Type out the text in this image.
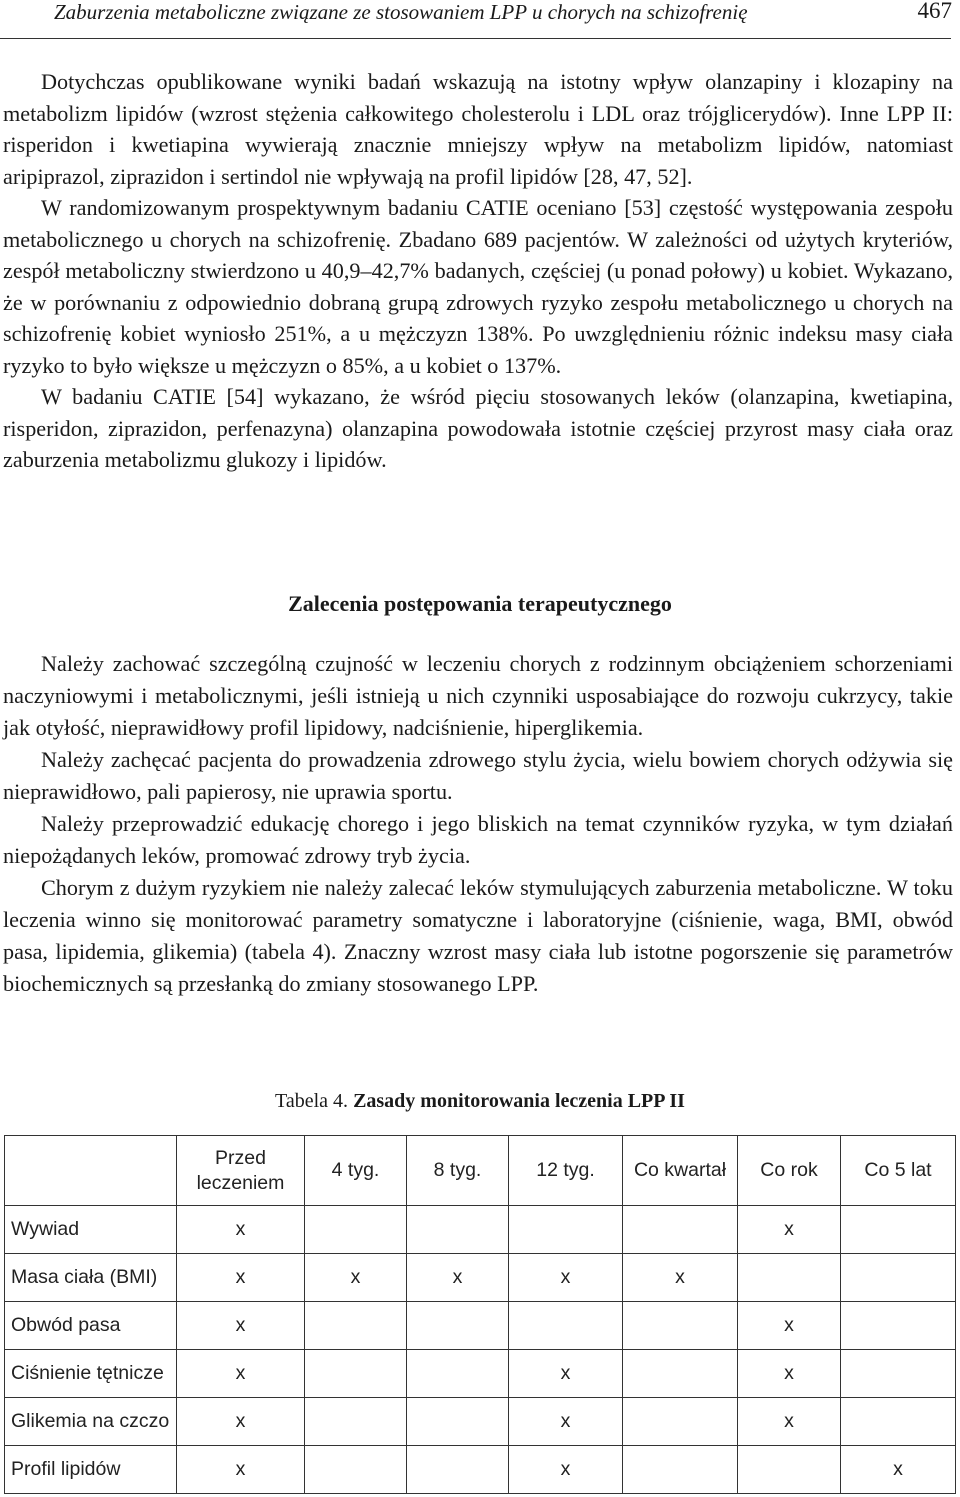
Zaburzenia metaboliczne związane ze stosowaniem LPP u chorych na schizofrenię	467

Dotychczas opublikowane wyniki badań wskazują na istotny wpływ olanzapiny i klozapiny na metabolizm lipidów (wzrost stężenia całkowitego cholesterolu i LDL oraz trójglicerydów). Inne LPP II: risperidon i kwetiapina wywierają znacznie mniejszy wpływ na metabolizm lipidów, natomiast aripiprazol, ziprazidon i sertindol nie wpływają na profil lipidów [28, 47, 52].

W randomizowanym prospektywnym badaniu CATIE oceniano [53] częstość występowania zespołu metabolicznego u chorych na schizofrenię. Zbadano 689 pacjentów. W zależności od użytych kryteriów, zespół metaboliczny stwierdzono u 40,9–42,7% badanych, częściej (u ponad połowy) u kobiet. Wykazano, że w porównaniu z odpowiednio dobraną grupą zdrowych ryzyko zespołu metabolicznego u chorych na schizofrenię kobiet wyniosło 251%, a u mężczyzn 138%. Po uwzględnieniu różnic indeksu masy ciała ryzyko to było większe u mężczyzn o 85%, a u kobiet o 137%.

W badaniu CATIE [54] wykazano, że wśród pięciu stosowanych leków (olanzapina, kwetiapina, risperidon, ziprazidon, perfenazyna) olanzapina powodowała istotnie częściej przyrost masy ciała oraz zaburzenia metabolizmu glukozy i lipidów.

Zalecenia postępowania terapeutycznego

Należy zachować szczególną czujność w leczeniu chorych z rodzinnym obciążeniem schorzeniami naczyniowymi i metabolicznymi, jeśli istnieją u nich czynniki usposabiające do rozwoju cukrzycy, takie jak otyłość, nieprawidłowy profil lipidowy, nadciśnienie, hiperglikemia.

Należy zachęcać pacjenta do prowadzenia zdrowego stylu życia, wielu bowiem chorych odżywia się nieprawidłowo, pali papierosy, nie uprawia sportu.

Należy przeprowadzić edukację chorego i jego bliskich na temat czynników ryzyka, w tym działań niepożądanych leków, promować zdrowy tryb życia.

Chorym z dużym ryzykiem nie należy zalecać leków stymulujących zaburzenia metaboliczne. W toku leczenia winno się monitorować parametry somatyczne i laboratoryjne (ciśnienie, waga, BMI, obwód pasa, lipidemia, glikemia) (tabela 4). Znaczny wzrost masy ciała lub istotne pogorszenie się parametrów biochemicznych są przesłanką do zmiany stosowanego LPP.

Tabela 4. Zasady monitorowania leczenia LPP II
	Przed leczeniem	4 tyg.	8 tyg.	12 tyg.	Co kwartał	Co rok	Co 5 lat
Wywiad	x					x	
Masa ciała (BMI)	x	x	x	x	x		
Obwód pasa	x					x	
Ciśnienie tętnicze	x			x		x	
Glikemia na czczo	x			x		x	
Profil lipidów	x			x			x
